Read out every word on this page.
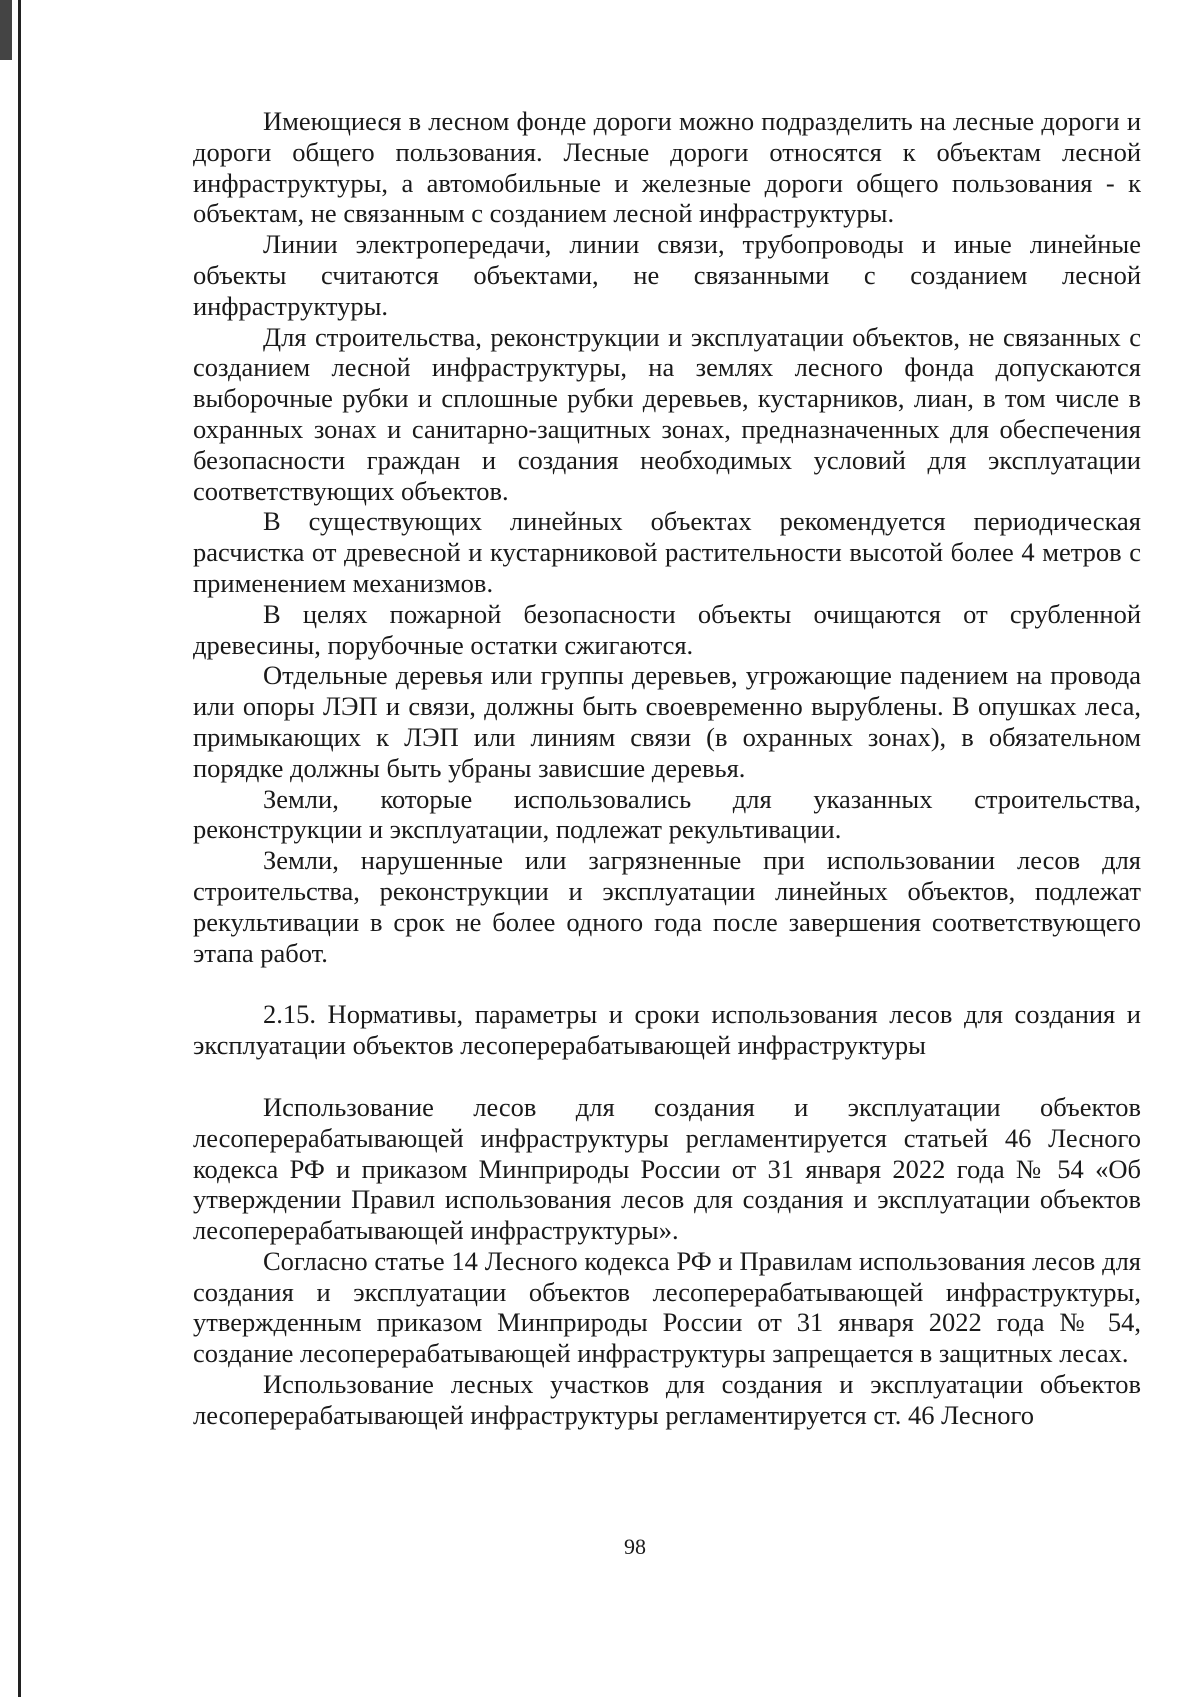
Имеющиеся в лесном фонде дороги можно подразделить на лесные дороги и дороги общего пользования. Лесные дороги относятся к объектам лесной инфраструктуры, а автомобильные и железные дороги общего пользования - к объектам, не связанным с созданием лесной инфраструктуры.

Линии электропередачи, линии связи, трубопроводы и иные линейные объекты считаются объектами, не связанными с созданием лесной инфраструктуры.

Для строительства, реконструкции и эксплуатации объектов, не связанных с созданием лесной инфраструктуры, на землях лесного фонда допускаются выборочные рубки и сплошные рубки деревьев, кустарников, лиан, в том числе в охранных зонах и санитарно-защитных зонах, предназначенных для обеспечения безопасности граждан и создания необходимых условий для эксплуатации соответствующих объектов.

В существующих линейных объектах рекомендуется периодическая расчистка от древесной и кустарниковой растительности высотой более 4 метров с применением механизмов.

В целях пожарной безопасности объекты очищаются от срубленной древесины, порубочные остатки сжигаются.

Отдельные деревья или группы деревьев, угрожающие падением на провода или опоры ЛЭП и связи, должны быть своевременно вырублены. В опушках леса, примыкающих к ЛЭП или линиям связи (в охранных зонах), в обязательном порядке должны быть убраны зависшие деревья.

Земли, которые использовались для указанных строительства, реконструкции и эксплуатации, подлежат рекультивации.

Земли, нарушенные или загрязненные при использовании лесов для строительства, реконструкции и эксплуатации линейных объектов, подлежат рекультивации в срок не более одного года после завершения соответствующего этапа работ.

2.15. Нормативы, параметры и сроки использования лесов для создания и эксплуатации объектов лесоперерабатывающей инфраструктуры

Использование лесов для создания и эксплуатации объектов лесоперерабатывающей инфраструктуры регламентируется статьей 46 Лесного кодекса РФ и приказом Минприроды России от 31 января 2022 года № 54 «Об утверждении Правил использования лесов для создания и эксплуатации объектов лесоперерабатывающей инфраструктуры».

Согласно статье 14 Лесного кодекса РФ и Правилам использования лесов для создания и эксплуатации объектов лесоперерабатывающей инфраструктуры, утвержденным приказом Минприроды России от 31 января 2022 года № 54, создание лесоперерабатывающей инфраструктуры запрещается в защитных лесах.

Использование лесных участков для создания и эксплуатации объектов лесоперерабатывающей инфраструктуры регламентируется ст. 46 Лесного

98
